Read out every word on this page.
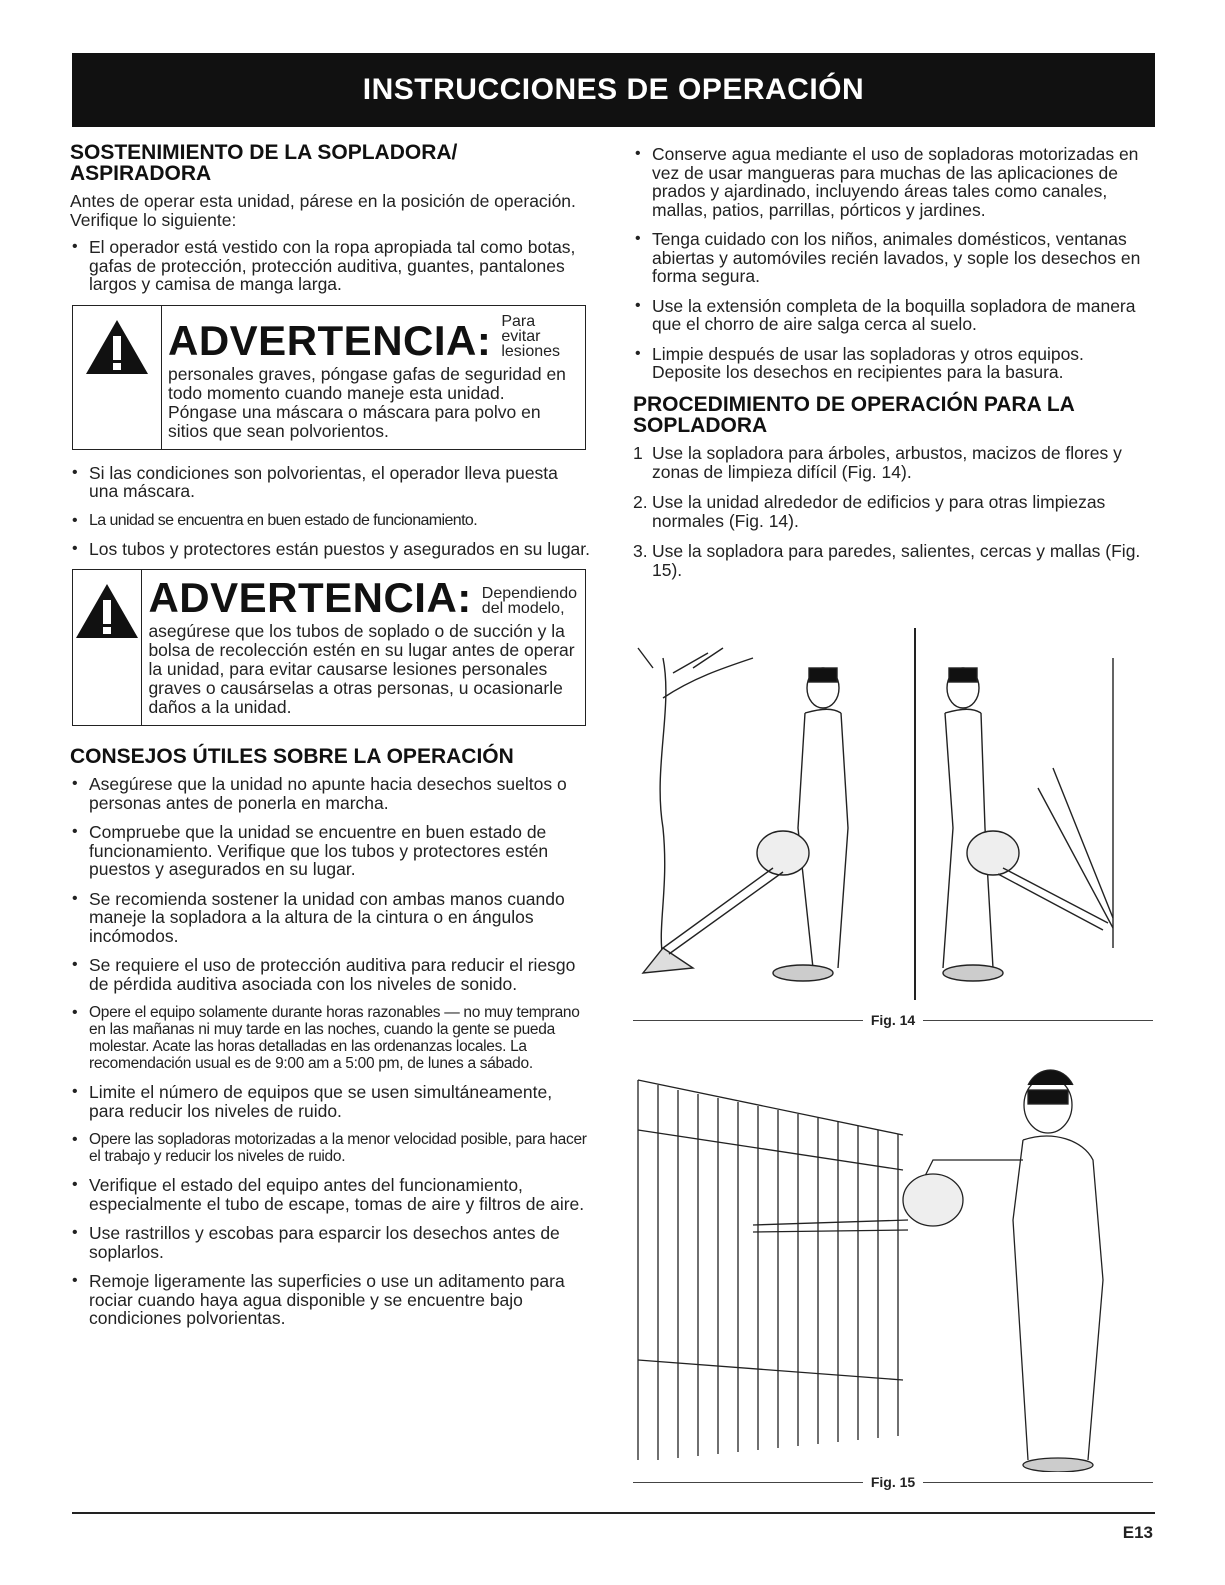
INSTRUCCIONES DE OPERACIÓN
SOSTENIMIENTO DE LA SOPLADORA/
ASPIRADORA

Antes de operar esta unidad, párese en la posición de operación. Verifique lo siguiente:

• El operador está vestido con la ropa apropiada tal como botas, gafas de protección, protección auditiva, guantes, pantalones largos y camisa de manga larga.
ADVERTENCIA: Para evitar
lesiones
personales graves, póngase gafas de seguridad en todo momento cuando maneje esta unidad. Póngase una máscara o máscara para polvo en sitios que sean polvorientos.
• Si las condiciones son polvorientas, el operador lleva puesta una máscara.
• La unidad se encuentra en buen estado de funcionamiento.
• Los tubos y protectores están puestos y asegurados en su lugar.
ADVERTENCIA: Dependiendo
del modelo,
asegúrese que los tubos de soplado o de succión y la bolsa de recolección estén en su lugar antes de operar la unidad, para evitar causarse lesiones personales graves o causárselas a otras personas, u ocasionarle daños a la unidad.
CONSEJOS ÚTILES SOBRE LA OPERACIÓN
• Asegúrese que la unidad no apunte hacia desechos sueltos o personas antes de ponerla en marcha.
• Compruebe que la unidad se encuentre en buen estado de funcionamiento. Verifique que los tubos y protectores estén puestos y asegurados en su lugar.
• Se recomienda sostener la unidad con ambas manos cuando maneje la sopladora a la altura de la cintura o en ángulos incómodos.
• Se requiere el uso de protección auditiva para reducir el riesgo de pérdida auditiva asociada con los niveles de sonido.
• Opere el equipo solamente durante horas razonables — no muy temprano en las mañanas ni muy tarde en las noches, cuando la gente se pueda molestar. Acate las horas detalladas en las ordenanzas locales. La recomendación usual es de 9:00 am a 5:00 pm, de lunes a sábado.
• Limite el número de equipos que se usen simultáneamente, para reducir los niveles de ruido.
• Opere las sopladoras motorizadas a la menor velocidad posible, para hacer el trabajo y reducir los niveles de ruido.
• Verifique el estado del equipo antes del funcionamiento, especialmente el tubo de escape, tomas de aire y filtros de aire.
• Use rastrillos y escobas para esparcir los desechos antes de soplarlos.
• Remoje ligeramente las superficies o use un aditamento para rociar cuando haya agua disponible y se encuentre bajo condiciones polvorientas.
• Conserve agua mediante el uso de sopladoras motorizadas en vez de usar mangueras para muchas de las aplicaciones de prados y ajardinado, incluyendo áreas tales como canales, mallas, patios, parrillas, pórticos y jardines.
• Tenga cuidado con los niños, animales domésticos, ventanas abiertas y automóviles recién lavados, y sople los desechos en forma segura.
• Use la extensión completa de la boquilla sopladora de manera que el chorro de aire salga cerca al suelo.
• Limpie después de usar las sopladoras y otros equipos. Deposite los desechos en recipientes para la basura.
PROCEDIMIENTO DE OPERACIÓN PARA LA
SOPLADORA
1 Use la sopladora para árboles, arbustos, macizos de flores y zonas de limpieza difícil (Fig. 14).
2. Use la unidad alrededor de edificios y para otras limpiezas normales (Fig. 14).
3. Use la sopladora para paredes, salientes, cercas y mallas (Fig. 15).
Fig. 14
Fig. 15
E13
